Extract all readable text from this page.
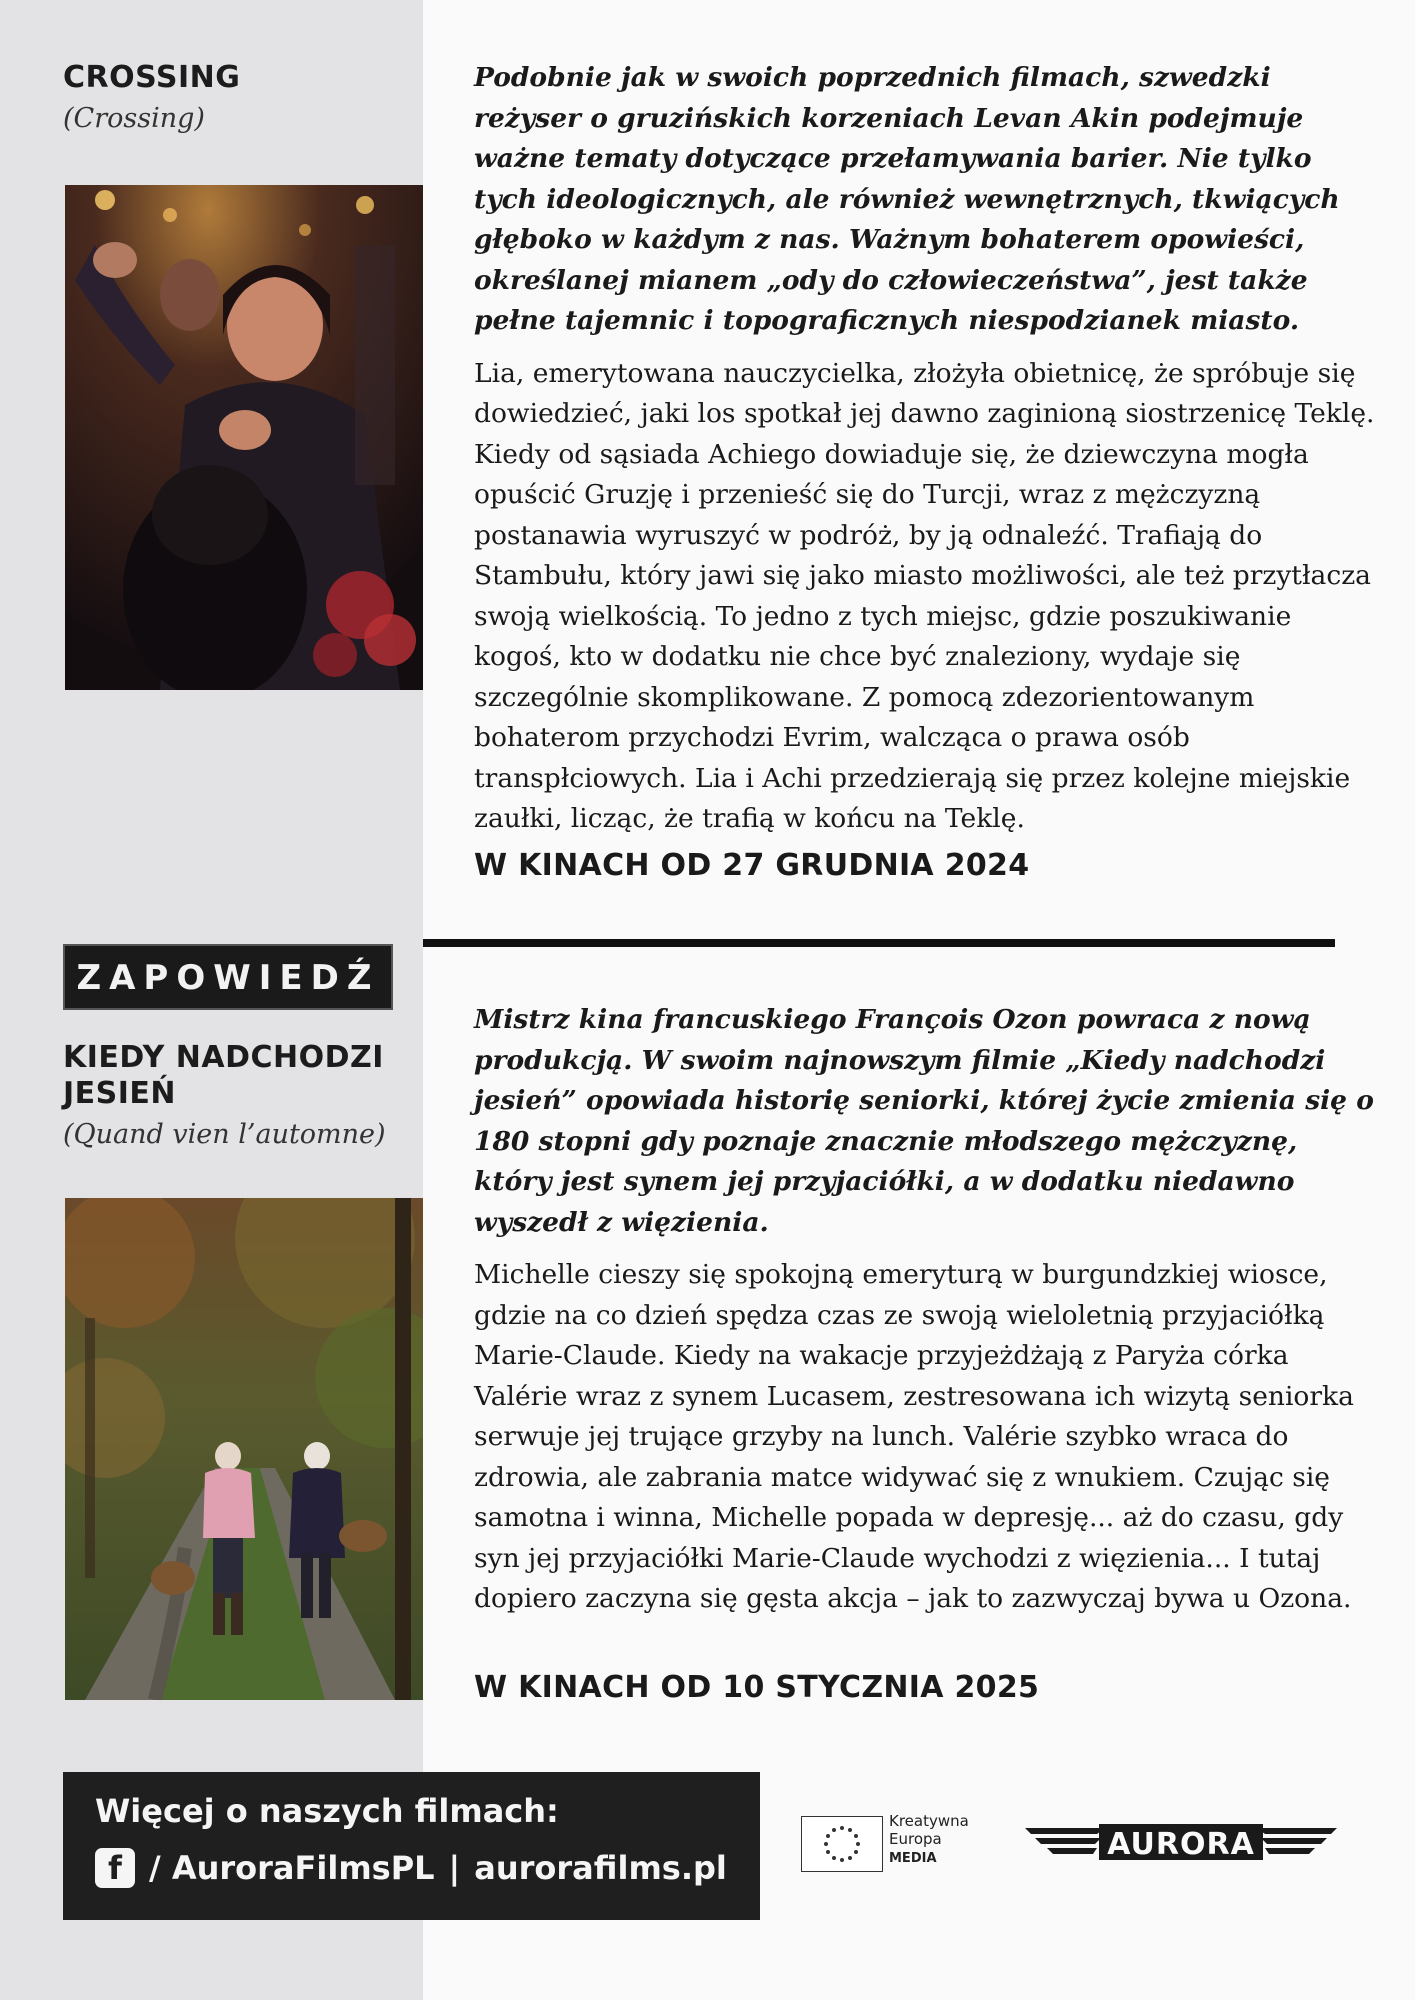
CROSSING

(Crossing)

Podobnie jak w swoich poprzednich filmach, szwedzki reżyser o gruzińskich korzeniach Levan Akin podejmuje ważne tematy dotyczące przełamywania barier. Nie tylko tych ideologicznych, ale również wewnętrznych, tkwiących głęboko w każdym z nas. Ważnym bohaterem opowieści, określanej mianem „ody do człowieczeństwa”, jest także pełne tajemnic i topograficznych niespodzianek miasto.

Lia, emerytowana nauczycielka, złożyła obietnicę, że spróbuje się dowiedzieć, jaki los spotkał jej dawno zaginioną siostrzenicę Teklę. Kiedy od sąsiada Achiego dowiaduje się, że dziewczyna mogła opuścić Gruzję i przenieść się do Turcji, wraz z mężczyzną postanawia wyruszyć w podróż, by ją odnaleźć. Trafiają do Stambułu, który jawi się jako miasto możliwości, ale też przytłacza swoją wielkością. To jedno z tych miejsc, gdzie poszukiwanie kogoś, kto w dodatku nie chce być znaleziony, wydaje się szczególnie skomplikowane. Z pomocą zdezorientowanym bohaterom przychodzi Evrim, walcząca o prawa osób transpłciowych. Lia i Achi przedzierają się przez kolejne miejskie zaułki, licząc, że trafią w końcu na Teklę.

W KINACH OD 27 GRUDNIA 2024

ZAPOWIEDŹ
KIEDY NADCHODZI
JESIEŃ

(Quand vien l’automne)

Mistrz kina francuskiego François Ozon powraca z nową produkcją. W swoim najnowszym filmie „Kiedy nadchodzi jesień” opowiada historię seniorki, której życie zmienia się o 180 stopni gdy poznaje znacznie młodszego mężczyznę, który jest synem jej przyjaciółki, a w dodatku niedawno wyszedł z więzienia.

Michelle cieszy się spokojną emeryturą w burgundzkiej wiosce, gdzie na co dzień spędza czas ze swoją wieloletnią przyjaciółką Marie-Claude. Kiedy na wakacje przyjeżdżają z Paryża córka Valérie wraz z synem Lucasem, zestresowana ich wizytą seniorka serwuje jej trujące grzyby na lunch. Valérie szybko wraca do zdrowia, ale zabrania matce widywać się z wnukiem. Czując się samotna i winna, Michelle popada w depresję... aż do czasu, gdy syn jej przyjaciółki Marie-Claude wychodzi z więzienia... I tutaj dopiero zaczyna się gęsta akcja – jak to zazwyczaj bywa u Ozona.

W KINACH OD 10 STYCZNIA 2025

Więcej o naszych filmach:

f / AuroraFilmsPL | aurorafilms.pl

Kreatywna
Europa
MEDIA	AURORA
